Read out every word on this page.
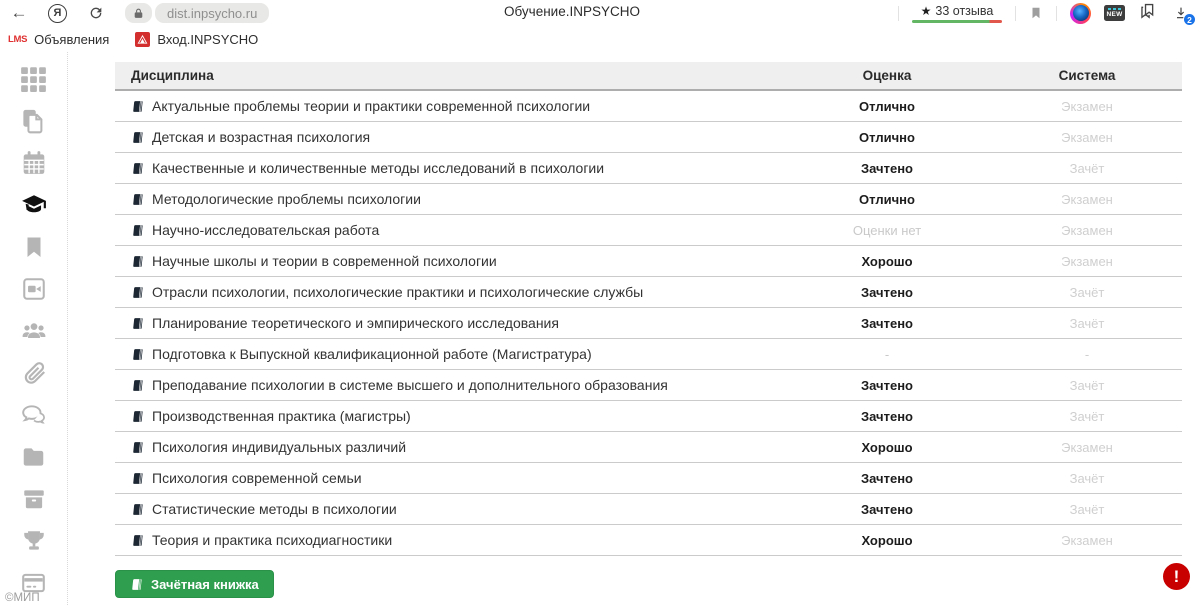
←	Я	dist.inpsycho.ru	Обучение.INPSYCHO	★ 33 отзыва	NEW	2
LMS Объявления	Вход.INPSYCHO
©МИП
Дисциплина	Оценка	Система
Актуальные проблемы теории и практики современной психологии	Отлично	Экзамен
Детская и возрастная психология	Отлично	Экзамен
Качественные и количественные методы исследований в психологии	Зачтено	Зачёт
Методологические проблемы психологии	Отлично	Экзамен
Научно-исследовательская работа	Оценки нет	Экзамен
Научные школы и теории в современной психологии	Хорошо	Экзамен
Отрасли психологии, психологические практики и психологические службы	Зачтено	Зачёт
Планирование теоретического и эмпирического исследования	Зачтено	Зачёт
Подготовка к Выпускной квалификационной работе (Магистратура)	-	-
Преподавание психологии в системе высшего и дополнительного образования	Зачтено	Зачёт
Производственная практика (магистры)	Зачтено	Зачёт
Психология индивидуальных различий	Хорошо	Экзамен
Психология современной семьи	Зачтено	Зачёт
Статистические методы в психологии	Зачтено	Зачёт
Теория и практика психодиагностики	Хорошо	Экзамен
Зачётная книжка	!
